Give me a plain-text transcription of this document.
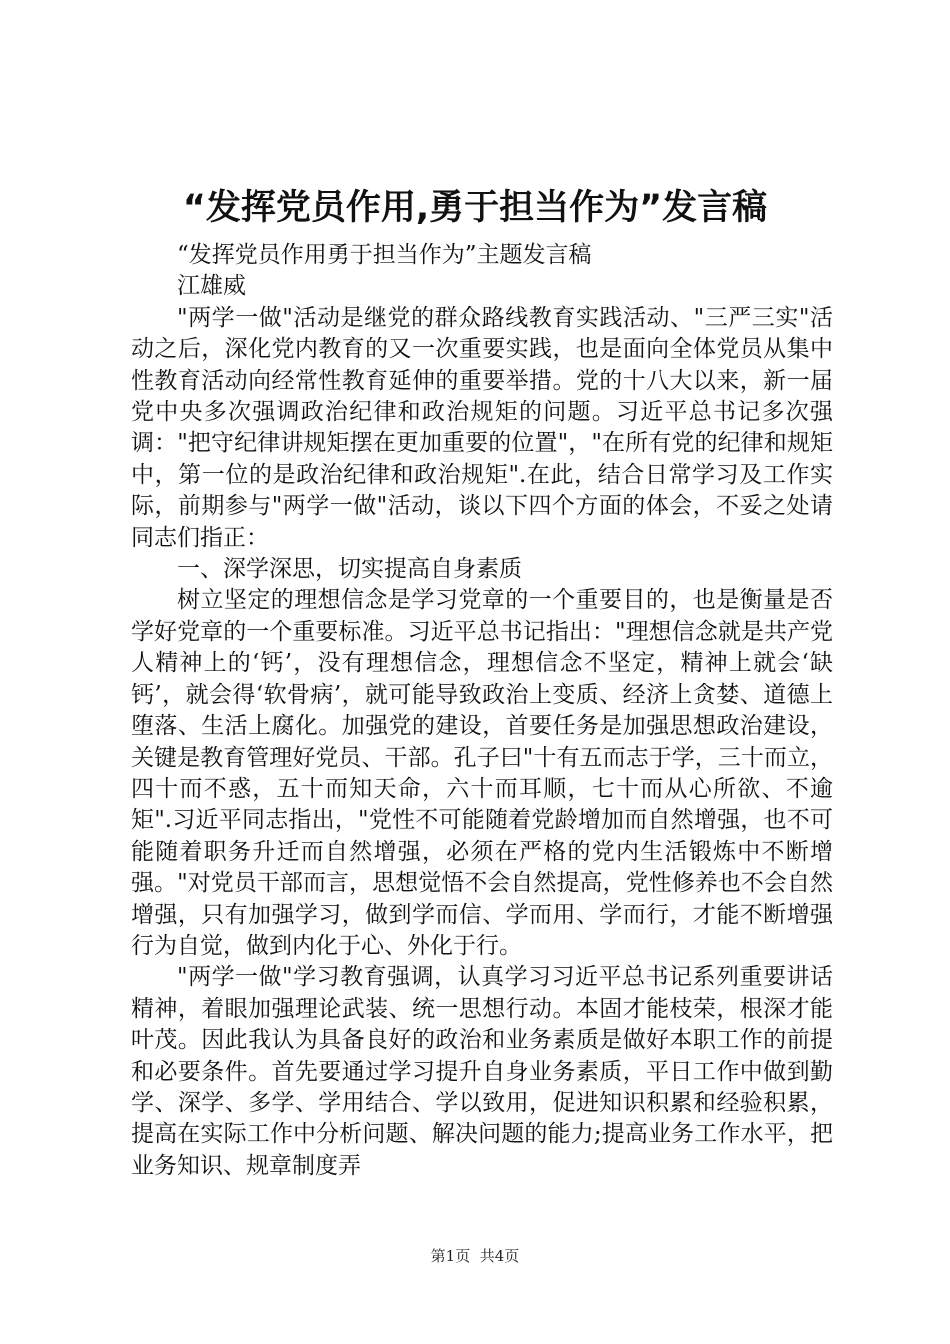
“发挥党员作用,勇于担当作为”发言稿

“发挥党员作用勇于担当作为”主题发言稿

江雄威

"两学一做"活动是继党的群众路线教育实践活动、"三严三实"活动之后，深化党内教育的又一次重要实践，也是面向全体党员从集中性教育活动向经常性教育延伸的重要举措。党的十八大以来，新一届党中央多次强调政治纪律和政治规矩的问题。习近平总书记多次强调："把守纪律讲规矩摆在更加重要的位置"，"在所有党的纪律和规矩中，第一位的是政治纪律和政治规矩".在此，结合日常学习及工作实际，前期参与"两学一做"活动，谈以下四个方面的体会，不妥之处请同志们指正：

一、深学深思，切实提高自身素质

树立坚定的理想信念是学习党章的一个重要目的，也是衡量是否学好党章的一个重要标准。习近平总书记指出："理想信念就是共产党人精神上的‘钙’，没有理想信念，理想信念不坚定，精神上就会‘缺钙’，就会得‘软骨病’，就可能导致政治上变质、经济上贪婪、道德上堕落、生活上腐化。加强党的建设，首要任务是加强思想政治建设，关键是教育管理好党员、干部。孔子曰"十有五而志于学，三十而立，四十而不惑，五十而知天命，六十而耳顺，七十而从心所欲、不逾矩".习近平同志指出，"党性不可能随着党龄增加而自然增强，也不可能随着职务升迁而自然增强，必须在严格的党内生活锻炼中不断增强。"对党员干部而言，思想觉悟不会自然提高，党性修养也不会自然增强，只有加强学习，做到学而信、学而用、学而行，才能不断增强行为自觉，做到内化于心、外化于行。

"两学一做"学习教育强调，认真学习习近平总书记系列重要讲话精神，着眼加强理论武装、统一思想行动。本固才能枝荣，根深才能叶茂。因此我认为具备良好的政治和业务素质是做好本职工作的前提和必要条件。首先要通过学习提升自身业务素质，平日工作中做到勤学、深学、多学、学用结合、学以致用，促进知识积累和经验积累，提高在实际工作中分析问题、解决问题的能力;提高业务工作水平，把业务知识、规章制度弄

第1页 共4页
